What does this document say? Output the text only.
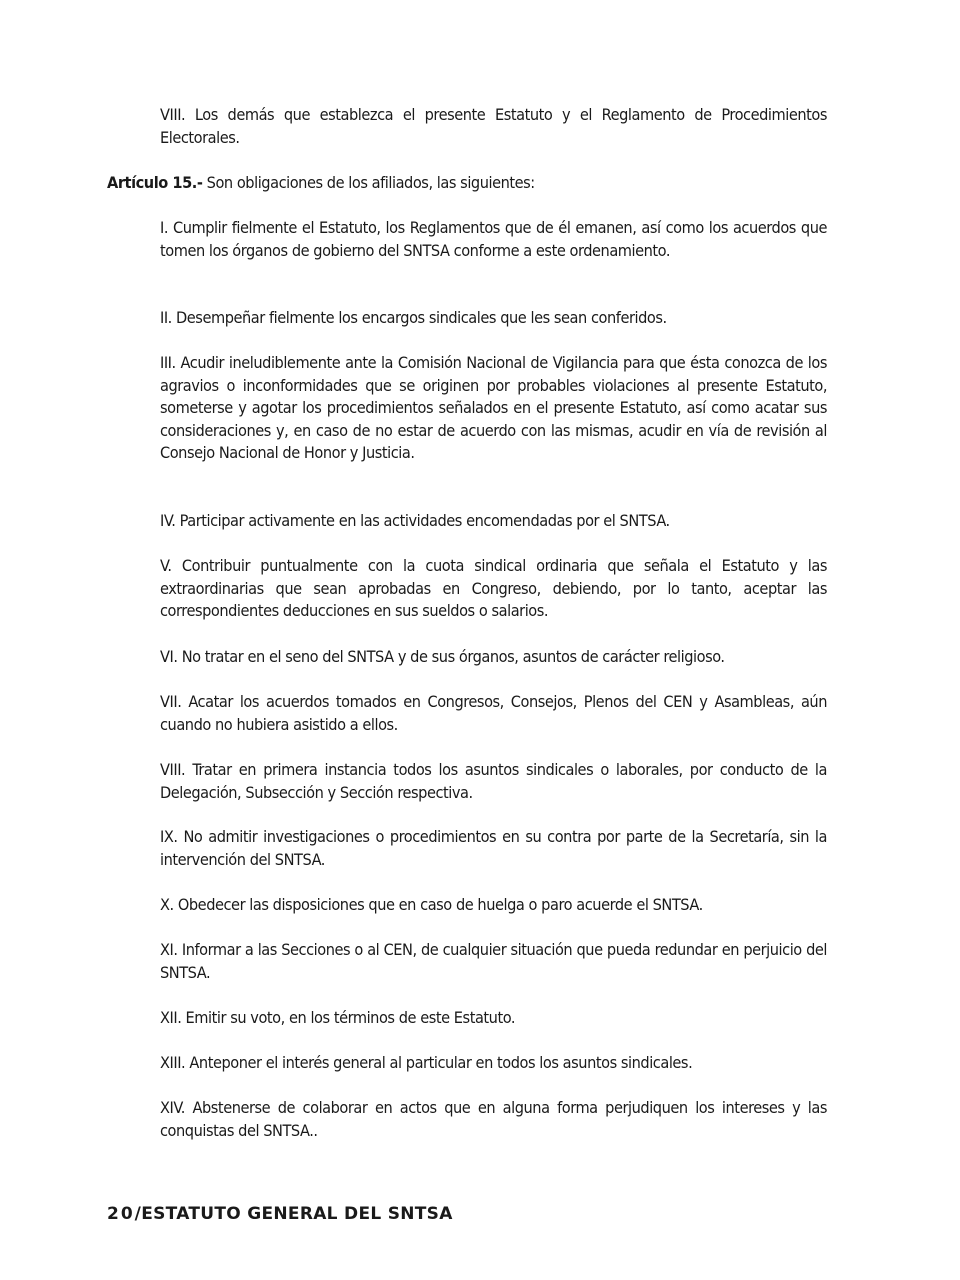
VIII. Los demás que establezca el presente Estatuto y el Reglamento de Procedimientos Electorales.

Artículo 15.- Son obligaciones de los afiliados, las siguientes:

I. Cumplir fielmente el Estatuto, los Reglamentos que de él emanen, así como los acuerdos que tomen los órganos de gobierno del SNTSA conforme a este ordenamiento.

II. Desempeñar fielmente los encargos sindicales que les sean conferidos.

III. Acudir ineludiblemente ante la Comisión Nacional de Vigilancia para que ésta conozca de los agravios o inconformidades que se originen por probables violaciones al presente Estatuto, someterse y agotar los procedimientos señalados en el presente Estatuto, así como acatar sus consideraciones y, en caso de no estar de acuerdo con las mismas, acudir en vía de revisión al Consejo Nacional de Honor y Justicia.

IV. Participar activamente en las actividades encomendadas por el SNTSA.

V. Contribuir puntualmente con la cuota sindical ordinaria que señala el Estatuto y las extraordinarias que sean aprobadas en Congreso, debiendo, por lo tanto, aceptar las correspondientes deducciones en sus sueldos o salarios.

VI. No tratar en el seno del SNTSA y de sus órganos, asuntos de carácter religioso.

VII. Acatar los acuerdos tomados en Congresos, Consejos, Plenos del CEN y Asambleas, aún cuando no hubiera asistido a ellos.

VIII. Tratar en primera instancia todos los asuntos sindicales o laborales, por conducto de la Delegación, Subsección y Sección respectiva.

IX. No admitir investigaciones o procedimientos en su contra por parte de la Secretaría, sin la intervención del SNTSA.

X. Obedecer las disposiciones que en caso de huelga o paro acuerde el SNTSA.

XI. Informar a las Secciones o al CEN, de cualquier situación que pueda redundar en perjuicio del SNTSA.

XII. Emitir su voto, en los términos de este Estatuto.

XIII. Anteponer el interés general al particular en todos los asuntos sindicales.

XIV. Abstenerse de colaborar en actos que en alguna forma perjudiquen los intereses y las conquistas del SNTSA..

20/ESTATUTO GENERAL DEL SNTSA
